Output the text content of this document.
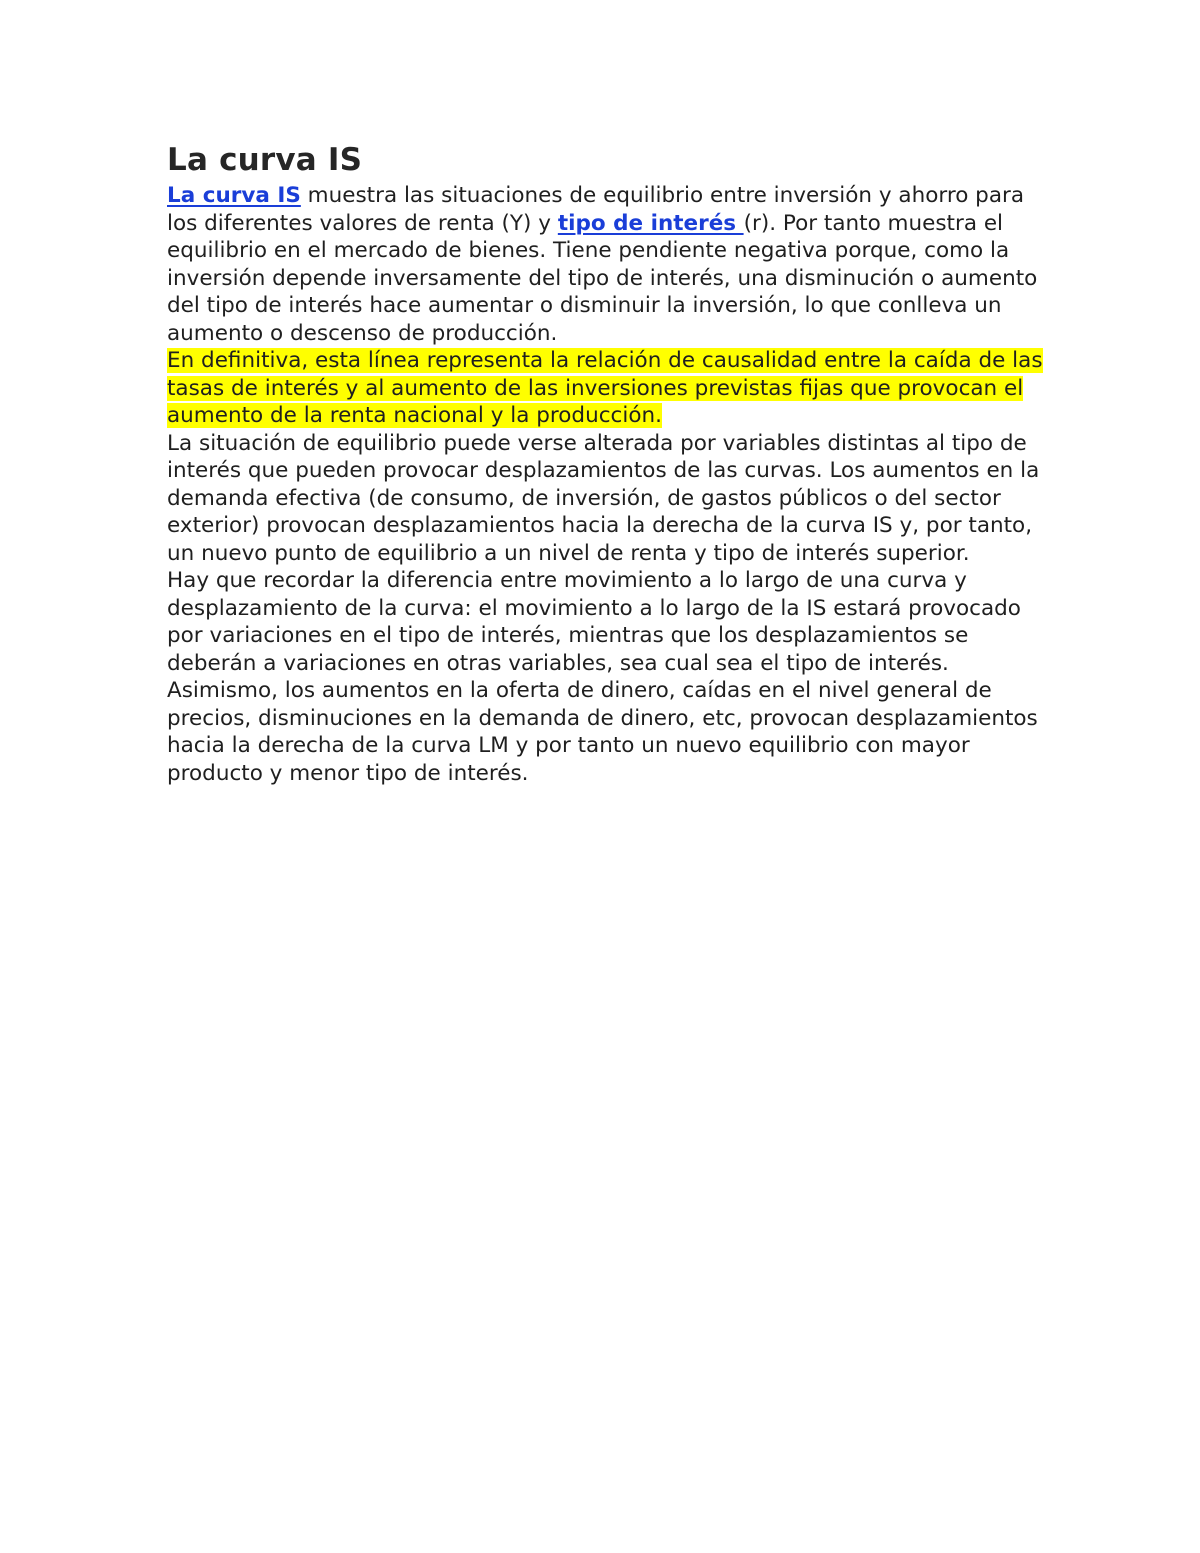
La curva IS

La curva IS muestra las situaciones de equilibrio entre inversión y ahorro para los diferentes valores de renta (Y) y tipo de interés (r). Por tanto muestra el equilibrio en el mercado de bienes. Tiene pendiente negativa porque, como la inversión depende inversamente del tipo de interés, una disminución o aumento del tipo de interés hace aumentar o disminuir la inversión, lo que conlleva un aumento o descenso de producción.

En definitiva, esta línea representa la relación de causalidad entre la caída de las tasas de interés y al aumento de las inversiones previstas fijas que provocan el aumento de la renta nacional y la producción.

La situación de equilibrio puede verse alterada por variables distintas al tipo de interés que pueden provocar desplazamientos de las curvas. Los aumentos en la demanda efectiva (de consumo, de inversión, de gastos públicos o del sector exterior) provocan desplazamientos hacia la derecha de la curva IS y, por tanto, un nuevo punto de equilibrio a un nivel de renta y tipo de interés superior.

Hay que recordar la diferencia entre movimiento a lo largo de una curva y desplazamiento de la curva: el movimiento a lo largo de la IS estará provocado por variaciones en el tipo de interés, mientras que los desplazamientos se deberán a variaciones en otras variables, sea cual sea el tipo de interés.

Asimismo, los aumentos en la oferta de dinero, caídas en el nivel general de precios, disminuciones en la demanda de dinero, etc, provocan desplazamientos hacia la derecha de la curva LM y por tanto un nuevo equilibrio con mayor producto y menor tipo de interés.
